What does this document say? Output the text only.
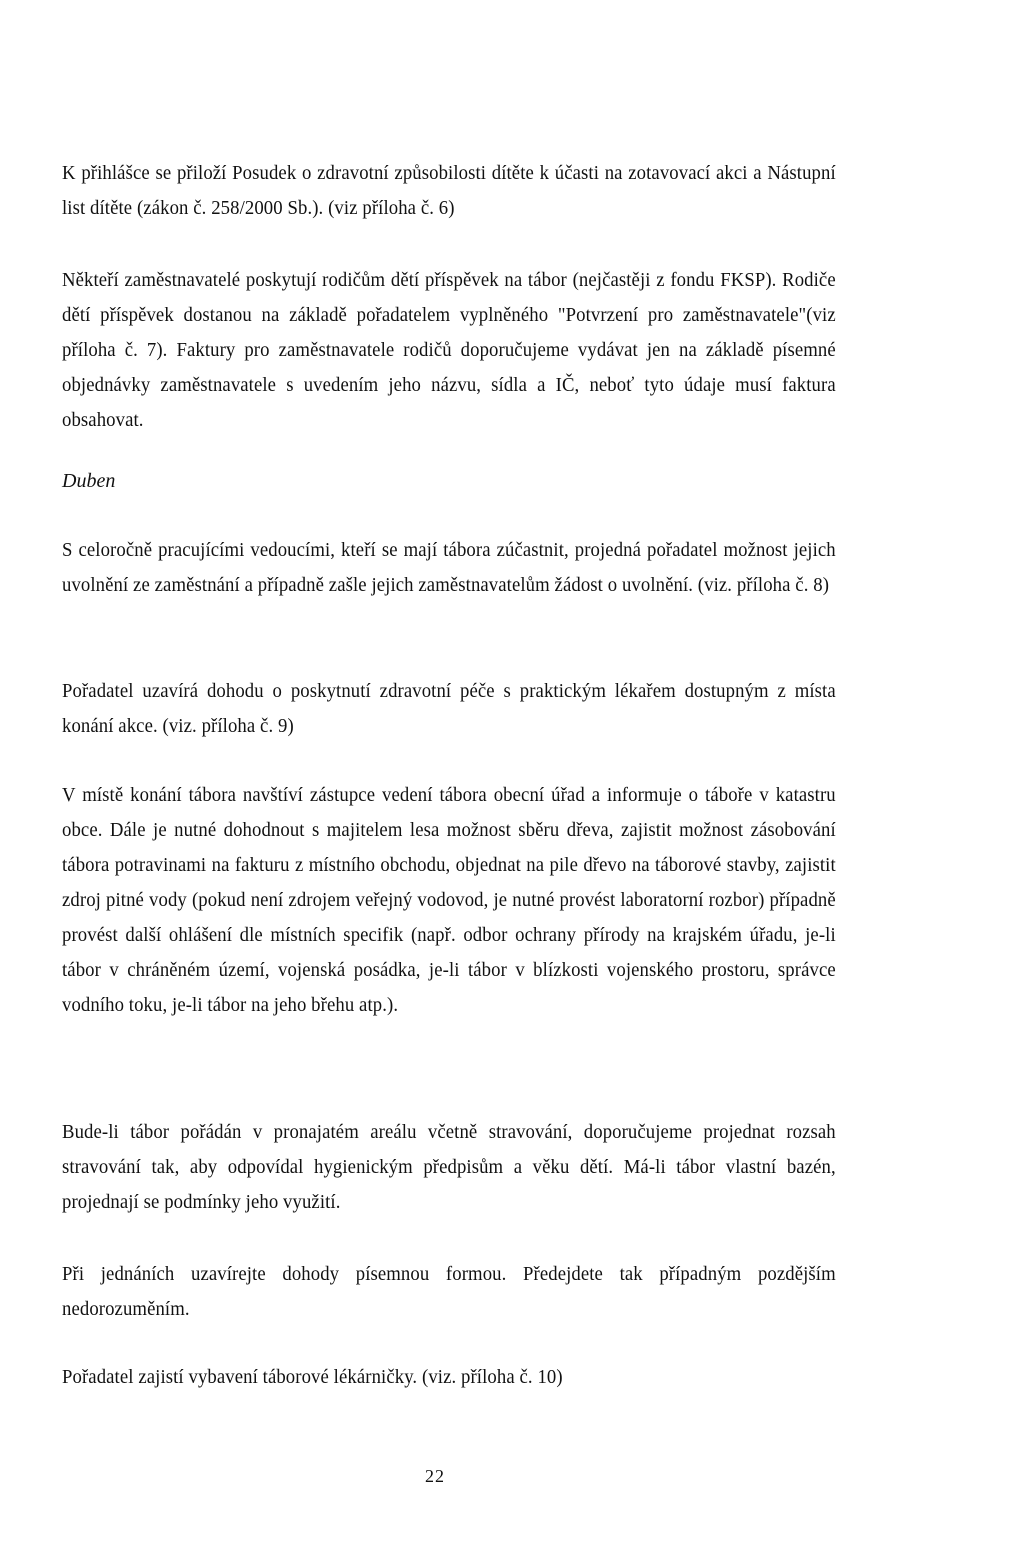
K přihlášce se přiloží Posudek o zdravotní způsobilosti dítěte k účasti na zotavovací akci a Nástupní list dítěte (zákon č. 258/2000 Sb.). (viz příloha č. 6)
Někteří zaměstnavatelé poskytují rodičům dětí příspěvek na tábor (nejčastěji z fondu FKSP). Rodiče dětí příspěvek dostanou na základě pořadatelem vyplněného "Potvrzení pro zaměstnavatele"(viz příloha č. 7). Faktury pro zaměstnavatele rodičů doporučujeme vydávat jen na základě písemné objednávky zaměstnavatele s uvedením jeho názvu, sídla a IČ, neboť tyto údaje musí faktura obsahovat.
Duben
S celoročně pracujícími vedoucími, kteří se mají tábora zúčastnit, projedná pořadatel možnost jejich uvolnění ze zaměstnání a případně zašle jejich zaměstnavatelům žádost o uvolnění. (viz. příloha č. 8)
Pořadatel uzavírá dohodu o poskytnutí zdravotní péče s praktickým lékařem dostupným z místa konání akce. (viz. příloha č. 9)
V místě konání tábora navštíví zástupce vedení tábora obecní úřad a informuje o táboře v katastru obce. Dále je nutné dohodnout s majitelem lesa možnost sběru dřeva, zajistit možnost zásobování tábora potravinami na fakturu z místního obchodu, objednat na pile dřevo na táborové stavby, zajistit zdroj pitné vody (pokud není zdrojem veřejný vodovod, je nutné provést laboratorní rozbor) případně provést další ohlášení dle místních specifik (např. odbor ochrany přírody na krajském úřadu, je-li tábor v chráněném území, vojenská posádka, je-li tábor v blízkosti vojenského prostoru, správce vodního toku, je-li tábor na jeho břehu atp.).
Bude-li tábor pořádán v pronajatém areálu včetně stravování, doporučujeme projednat rozsah stravování tak, aby odpovídal hygienickým předpisům a věku dětí. Má-li tábor vlastní bazén, projednají se podmínky jeho využití.
Při jednáních uzavírejte dohody písemnou formou. Předejdete tak případným pozdějším nedorozuměním.
Pořadatel zajistí vybavení táborové lékárničky. (viz. příloha č. 10)
22
